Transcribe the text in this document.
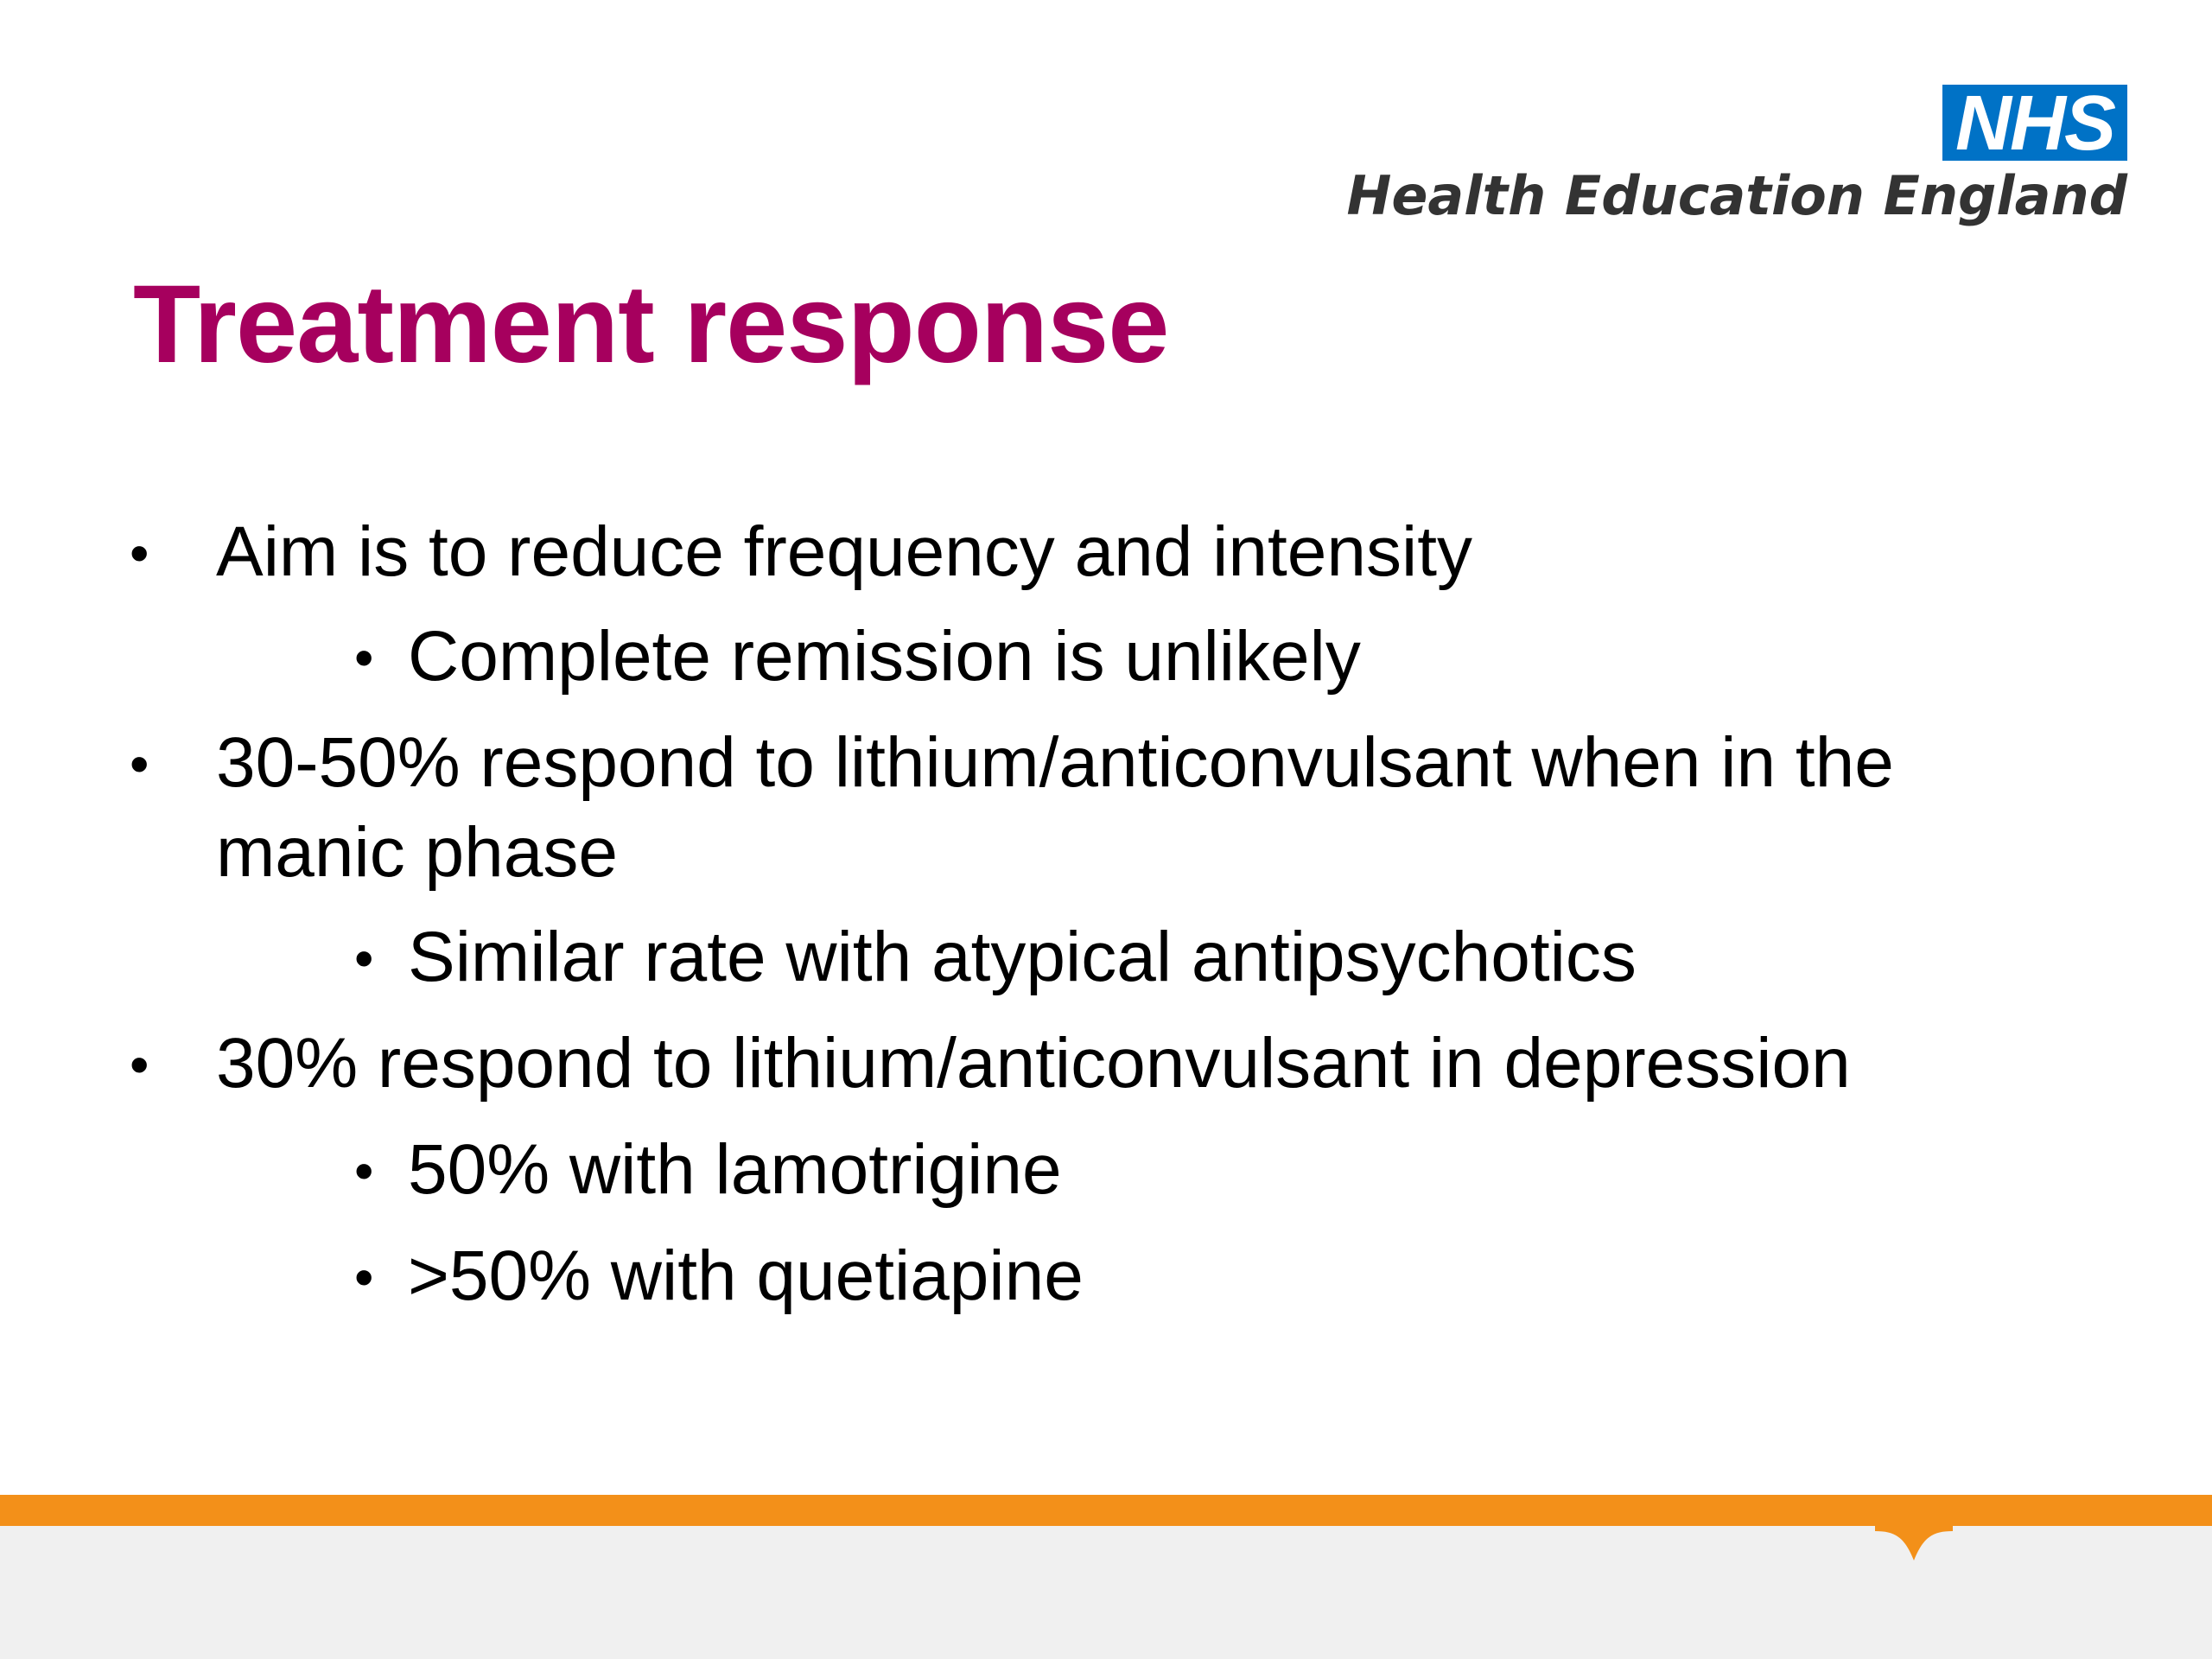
NHS
Health Education England
Treatment response
• Aim is to reduce frequency and intensity
• Complete remission is unlikely
• 30-50% respond to lithium/anticonvulsant when in the
manic phase
• Similar rate with atypical antipsychotics
• 30% respond to lithium/anticonvulsant in depression
• 50% with lamotrigine
• >50% with quetiapine
